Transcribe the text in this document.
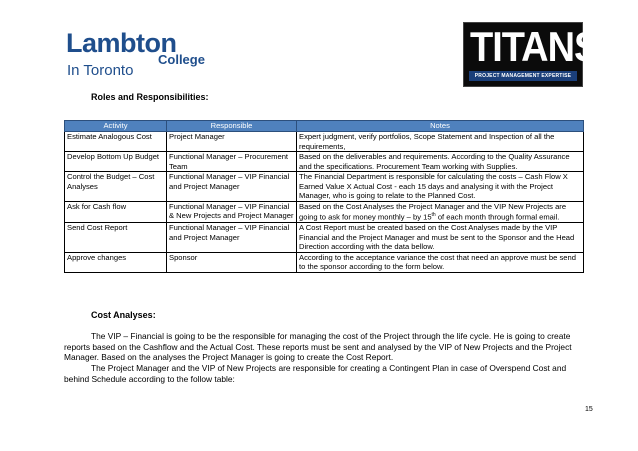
Lambton
College
In Toronto	TITANS
PROJECT MANAGEMENT EXPERTISE
Roles and Responsibilities:
Activity	Responsible	Notes
Estimate Analogous Cost	Project Manager	Expert judgment, verify portfolios, Scope Statement and Inspection of all the requirements,
Develop Bottom Up Budget	Functional Manager – Procurement Team	Based on the deliverables and requirements. According to the Quality Assurance and the specifications. Procurement Team working with Supplies.
Control the Budget – Cost Analyses	Functional Manager – VIP Financial and Project Manager	The Financial Department is responsible for calculating the costs – Cash Flow X Earned Value X Actual Cost - each 15 days and analysing it with the Project Manager, who is going to relate to the Planned Cost.
Ask for Cash flow	Functional Manager – VIP Financial & New Projects and Project Manager	Based on the Cost Analyses the Project Manager and the VIP New Projects are going to ask for money monthly – by 15th of each month through formal email.
Send Cost Report	Functional Manager – VIP Financial and Project Manager	A Cost Report must be created based on the Cost Analyses made by the VIP Financial and the Project Manager and must be sent to the Sponsor and the Head Direction according with the data bellow.
Approve changes	Sponsor	According to the acceptance variance the cost that need an approve must be send to the sponsor according to the form below.
Cost Analyses:
The VIP – Financial is going to be the responsible for managing the cost of the Project through the life cycle. He is going to create reports based on the Cashflow and the Actual Cost. These reports must be sent and analysed by the VIP of New Projects and the Project Manager. Based on the analyses the Project Manager is going to create the Cost Report.
The Project Manager and the VIP of New Projects are responsible for creating a Contingent Plan in case of Overspend Cost and behind Schedule according to the follow table:
15
